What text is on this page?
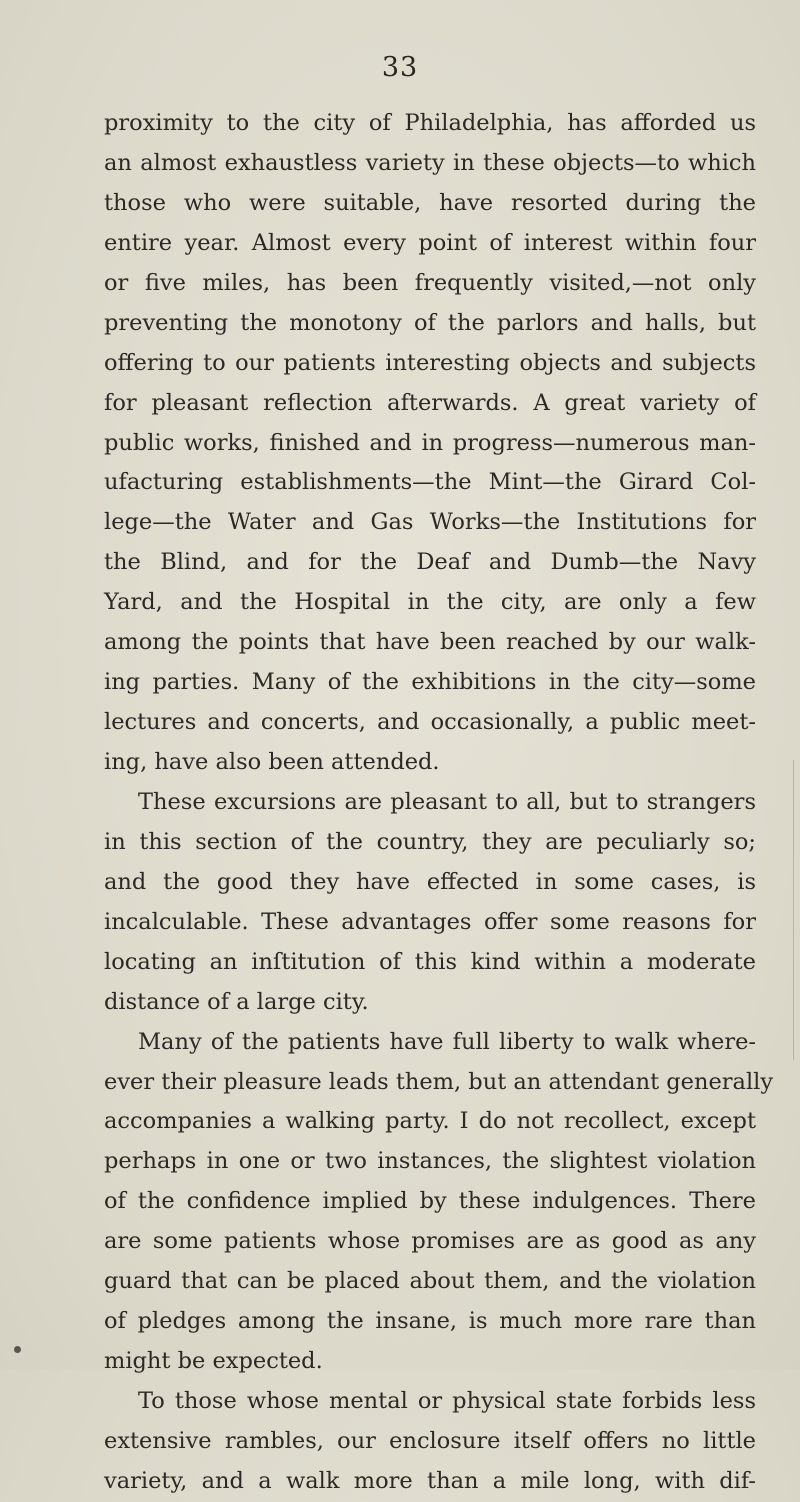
33
proximity to the city of Philadelphia, has afforded us
an almost exhaustless variety in these objects—to which
those who were suitable, have resorted during the
entire year. Almost every point of interest within four
or five miles, has been frequently visited,—not only
preventing the monotony of the parlors and halls, but
offering to our patients interesting objects and subjects
for pleasant reflection afterwards. A great variety of
public works, finished and in progress—numerous man-
ufacturing establishments—the Mint—the Girard Col-
lege—the Water and Gas Works—the Institutions for
the Blind, and for the Deaf and Dumb—the Navy
Yard, and the Hospital in the city, are only a few
among the points that have been reached by our walk-
ing parties. Many of the exhibitions in the city—some
lectures and concerts, and occasionally, a public meet-
ing, have also been attended.
These excursions are pleasant to all, but to strangers
in this section of the country, they are peculiarly so;
and the good they have effected in some cases, is
incalculable. These advantages offer some reasons for
locating an inſtitution of this kind within a moderate
distance of a large city.
Many of the patients have full liberty to walk where-
ever their pleasure leads them, but an attendant generally
accompanies a walking party. I do not recollect, except
perhaps in one or two instances, the slightest violation
of the confidence implied by these indulgences. There
are some patients whose promises are as good as any
guard that can be placed about them, and the violation
of pledges among the insane, is much more rare than
might be expected.
To those whose mental or physical state forbids less
extensive rambles, our enclosure itself offers no little
variety, and a walk more than a mile long, with dif-
